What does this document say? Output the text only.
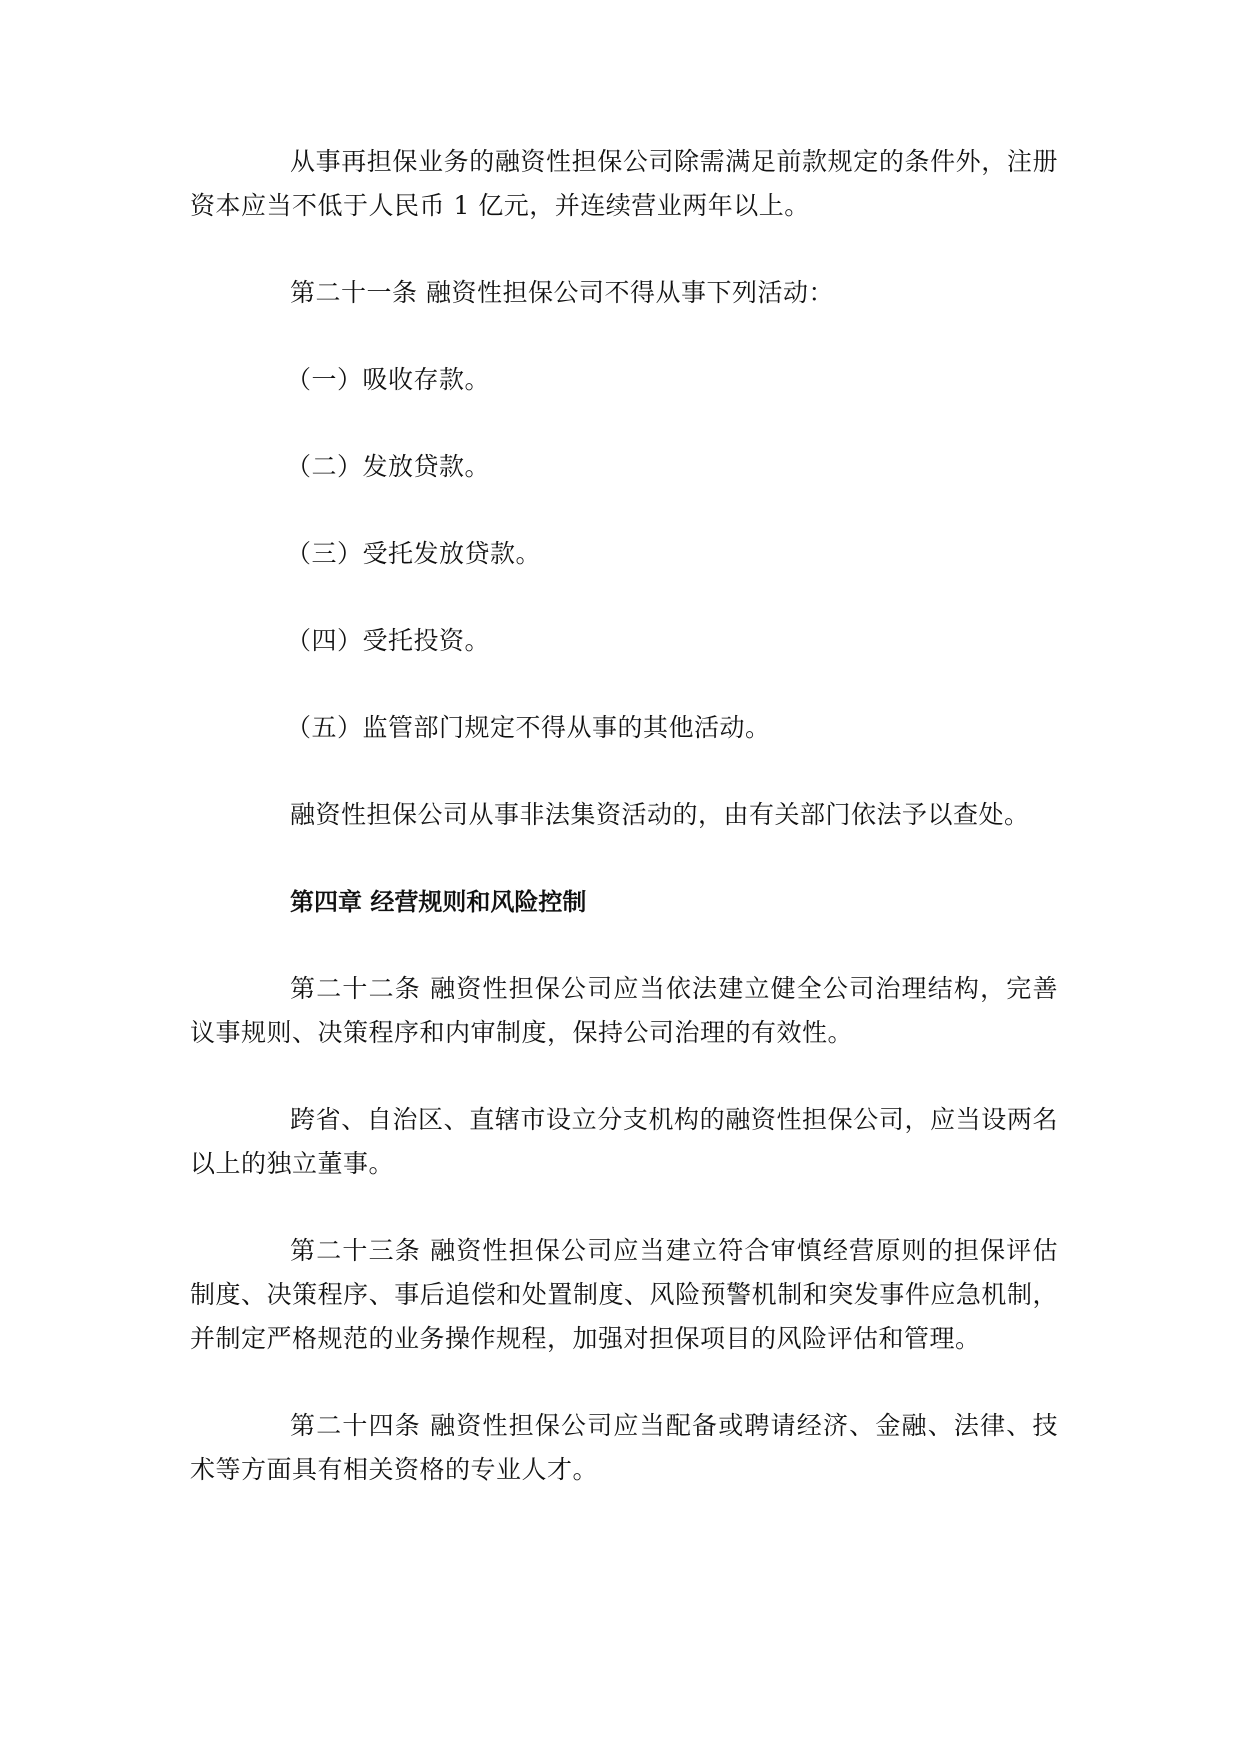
从事再担保业务的融资性担保公司除需满足前款规定的条件外，注册资本应当不低于人民币 1 亿元，并连续营业两年以上。

第二十一条 融资性担保公司不得从事下列活动：

（一）吸收存款。

（二）发放贷款。

（三）受托发放贷款。

（四）受托投资。

（五）监管部门规定不得从事的其他活动。

融资性担保公司从事非法集资活动的，由有关部门依法予以查处。

第四章 经营规则和风险控制

第二十二条 融资性担保公司应当依法建立健全公司治理结构，完善议事规则、决策程序和内审制度，保持公司治理的有效性。

跨省、自治区、直辖市设立分支机构的融资性担保公司，应当设两名以上的独立董事。

第二十三条 融资性担保公司应当建立符合审慎经营原则的担保评估制度、决策程序、事后追偿和处置制度、风险预警机制和突发事件应急机制，并制定严格规范的业务操作规程，加强对担保项目的风险评估和管理。

第二十四条 融资性担保公司应当配备或聘请经济、金融、法律、技术等方面具有相关资格的专业人才。
